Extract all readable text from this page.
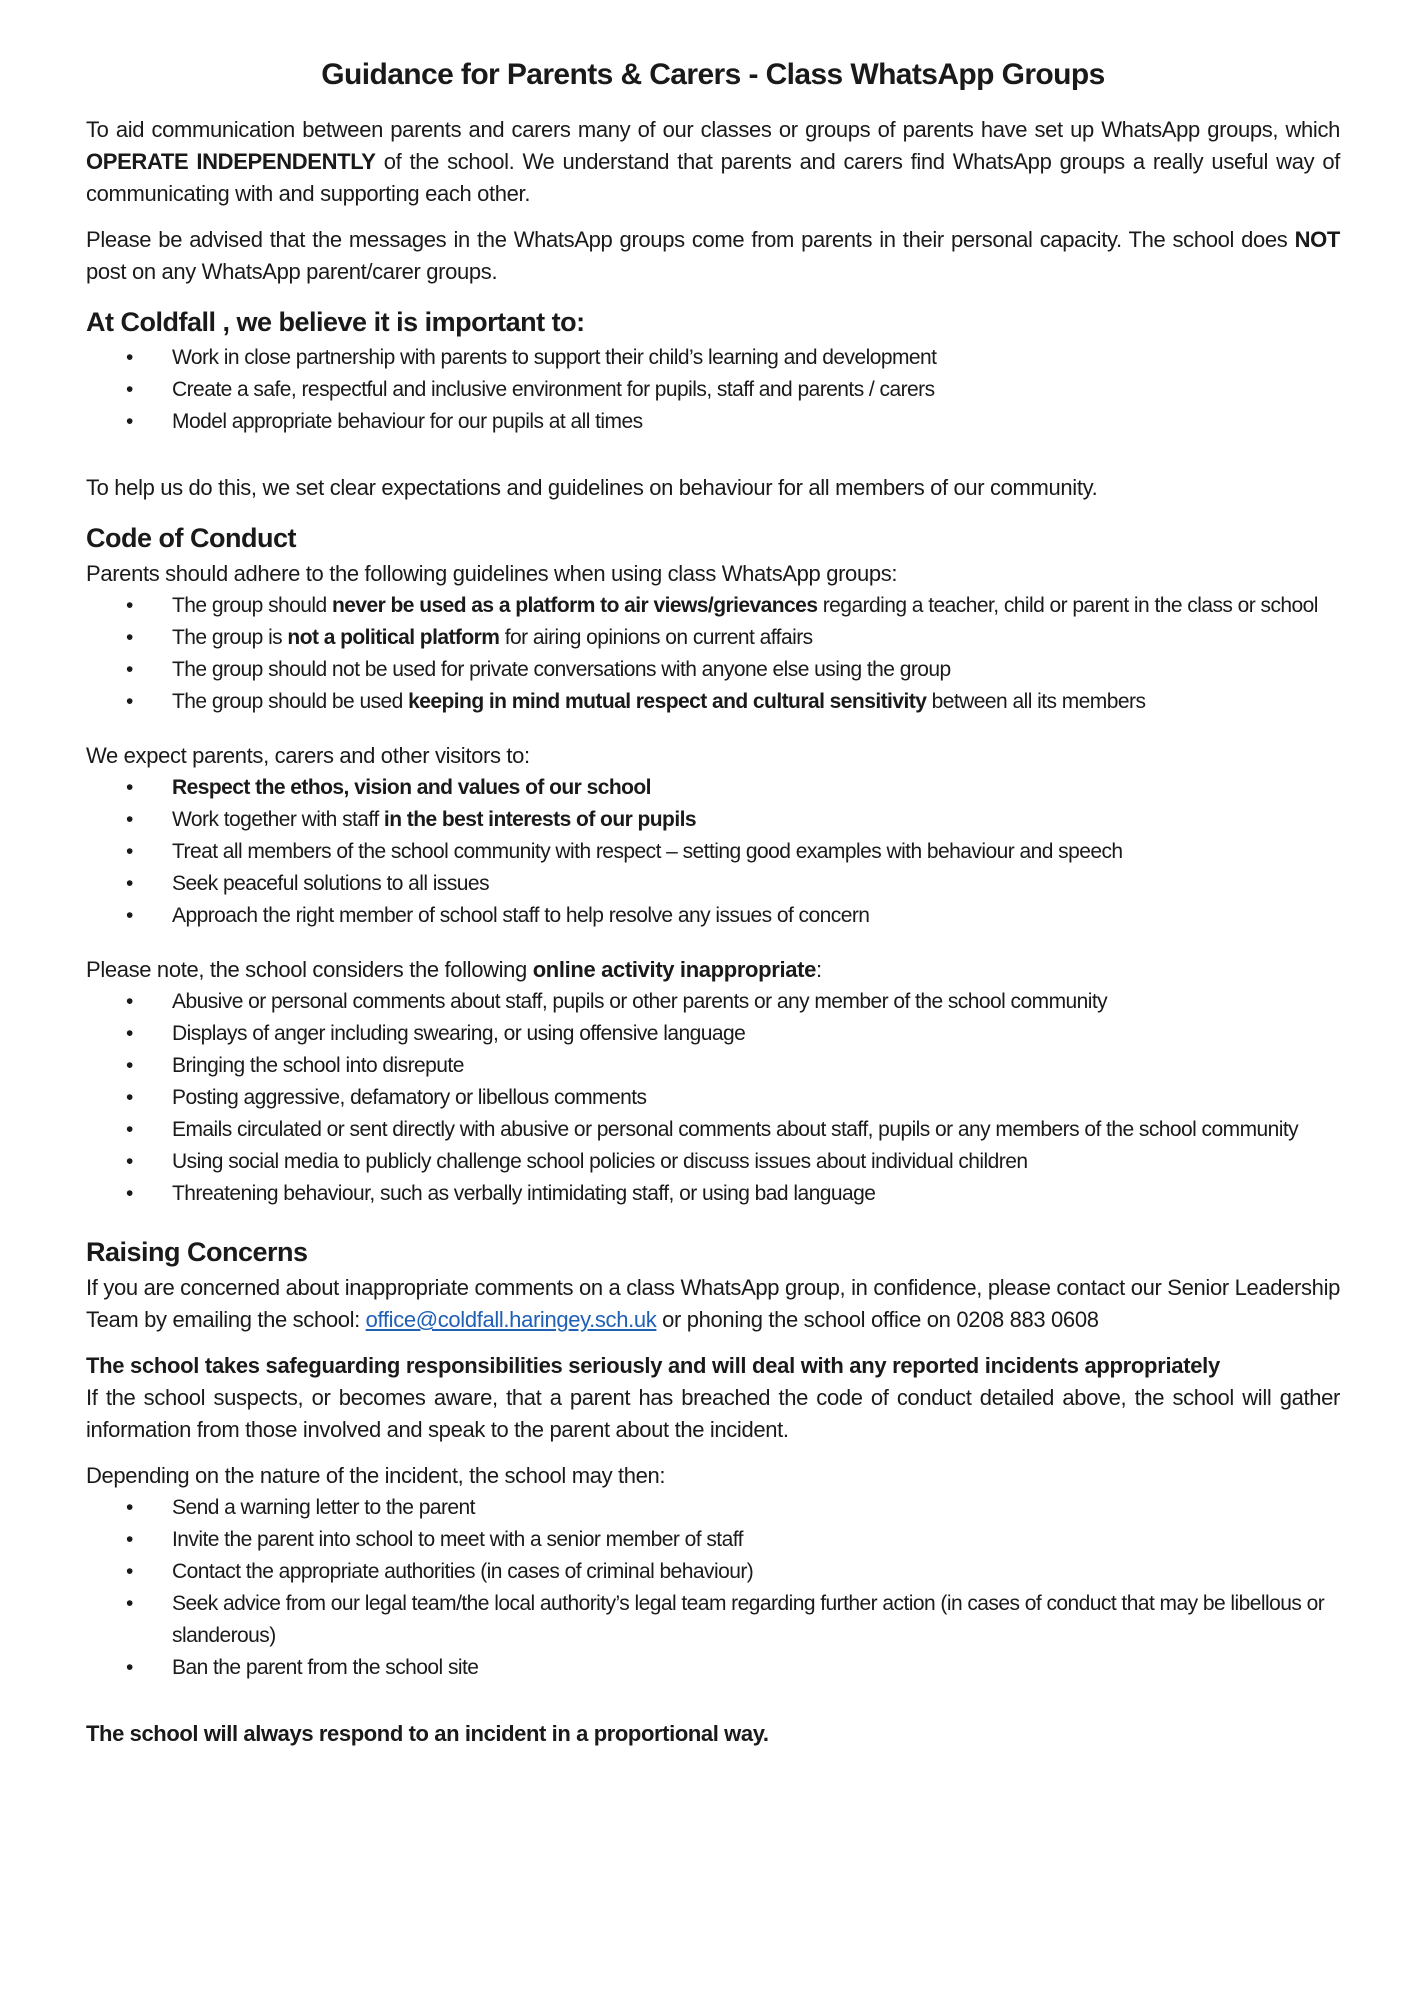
Guidance for Parents & Carers - Class WhatsApp Groups

To aid communication between parents and carers many of our classes or groups of parents have set up WhatsApp groups, which OPERATE INDEPENDENTLY of the school. We understand that parents and carers find WhatsApp groups a really useful way of communicating with and supporting each other.

Please be advised that the messages in the WhatsApp groups come from parents in their personal capacity. The school does NOT post on any WhatsApp parent/carer groups.

At Coldfall , we believe it is important to:
• Work in close partnership with parents to support their child’s learning and development
• Create a safe, respectful and inclusive environment for pupils, staff and parents / carers
• Model appropriate behaviour for our pupils at all times

To help us do this, we set clear expectations and guidelines on behaviour for all members of our community.

Code of Conduct

Parents should adhere to the following guidelines when using class WhatsApp groups:

• The group should never be used as a platform to air views/grievances regarding a teacher, child or parent in the class or school
• The group is not a political platform for airing opinions on current affairs
• The group should not be used for private conversations with anyone else using the group
• The group should be used keeping in mind mutual respect and cultural sensitivity between all its members

We expect parents, carers and other visitors to:

• Respect the ethos, vision and values of our school
• Work together with staff in the best interests of our pupils
• Treat all members of the school community with respect – setting good examples with behaviour and speech
• Seek peaceful solutions to all issues
• Approach the right member of school staff to help resolve any issues of concern

Please note, the school considers the following online activity inappropriate:

• Abusive or personal comments about staff, pupils or other parents or any member of the school community
• Displays of anger including swearing, or using offensive language
• Bringing the school into disrepute
• Posting aggressive, defamatory or libellous comments
• Emails circulated or sent directly with abusive or personal comments about staff, pupils or any members of the school community
• Using social media to publicly challenge school policies or discuss issues about individual children
• Threatening behaviour, such as verbally intimidating staff, or using bad language
Raising Concerns

If you are concerned about inappropriate comments on a class WhatsApp group, in confidence, please contact our Senior Leadership Team by emailing the school: office@coldfall.haringey.sch.uk or phoning the school office on 0208 883 0608

The school takes safeguarding responsibilities seriously and will deal with any reported incidents appropriately

If the school suspects, or becomes aware, that a parent has breached the code of conduct detailed above, the school will gather information from those involved and speak to the parent about the incident.

Depending on the nature of the incident, the school may then:

• Send a warning letter to the parent
• Invite the parent into school to meet with a senior member of staff
• Contact the appropriate authorities (in cases of criminal behaviour)
• Seek advice from our legal team/the local authority’s legal team regarding further action (in cases of conduct that may be libellous or slanderous)
• Ban the parent from the school site

The school will always respond to an incident in a proportional way.
